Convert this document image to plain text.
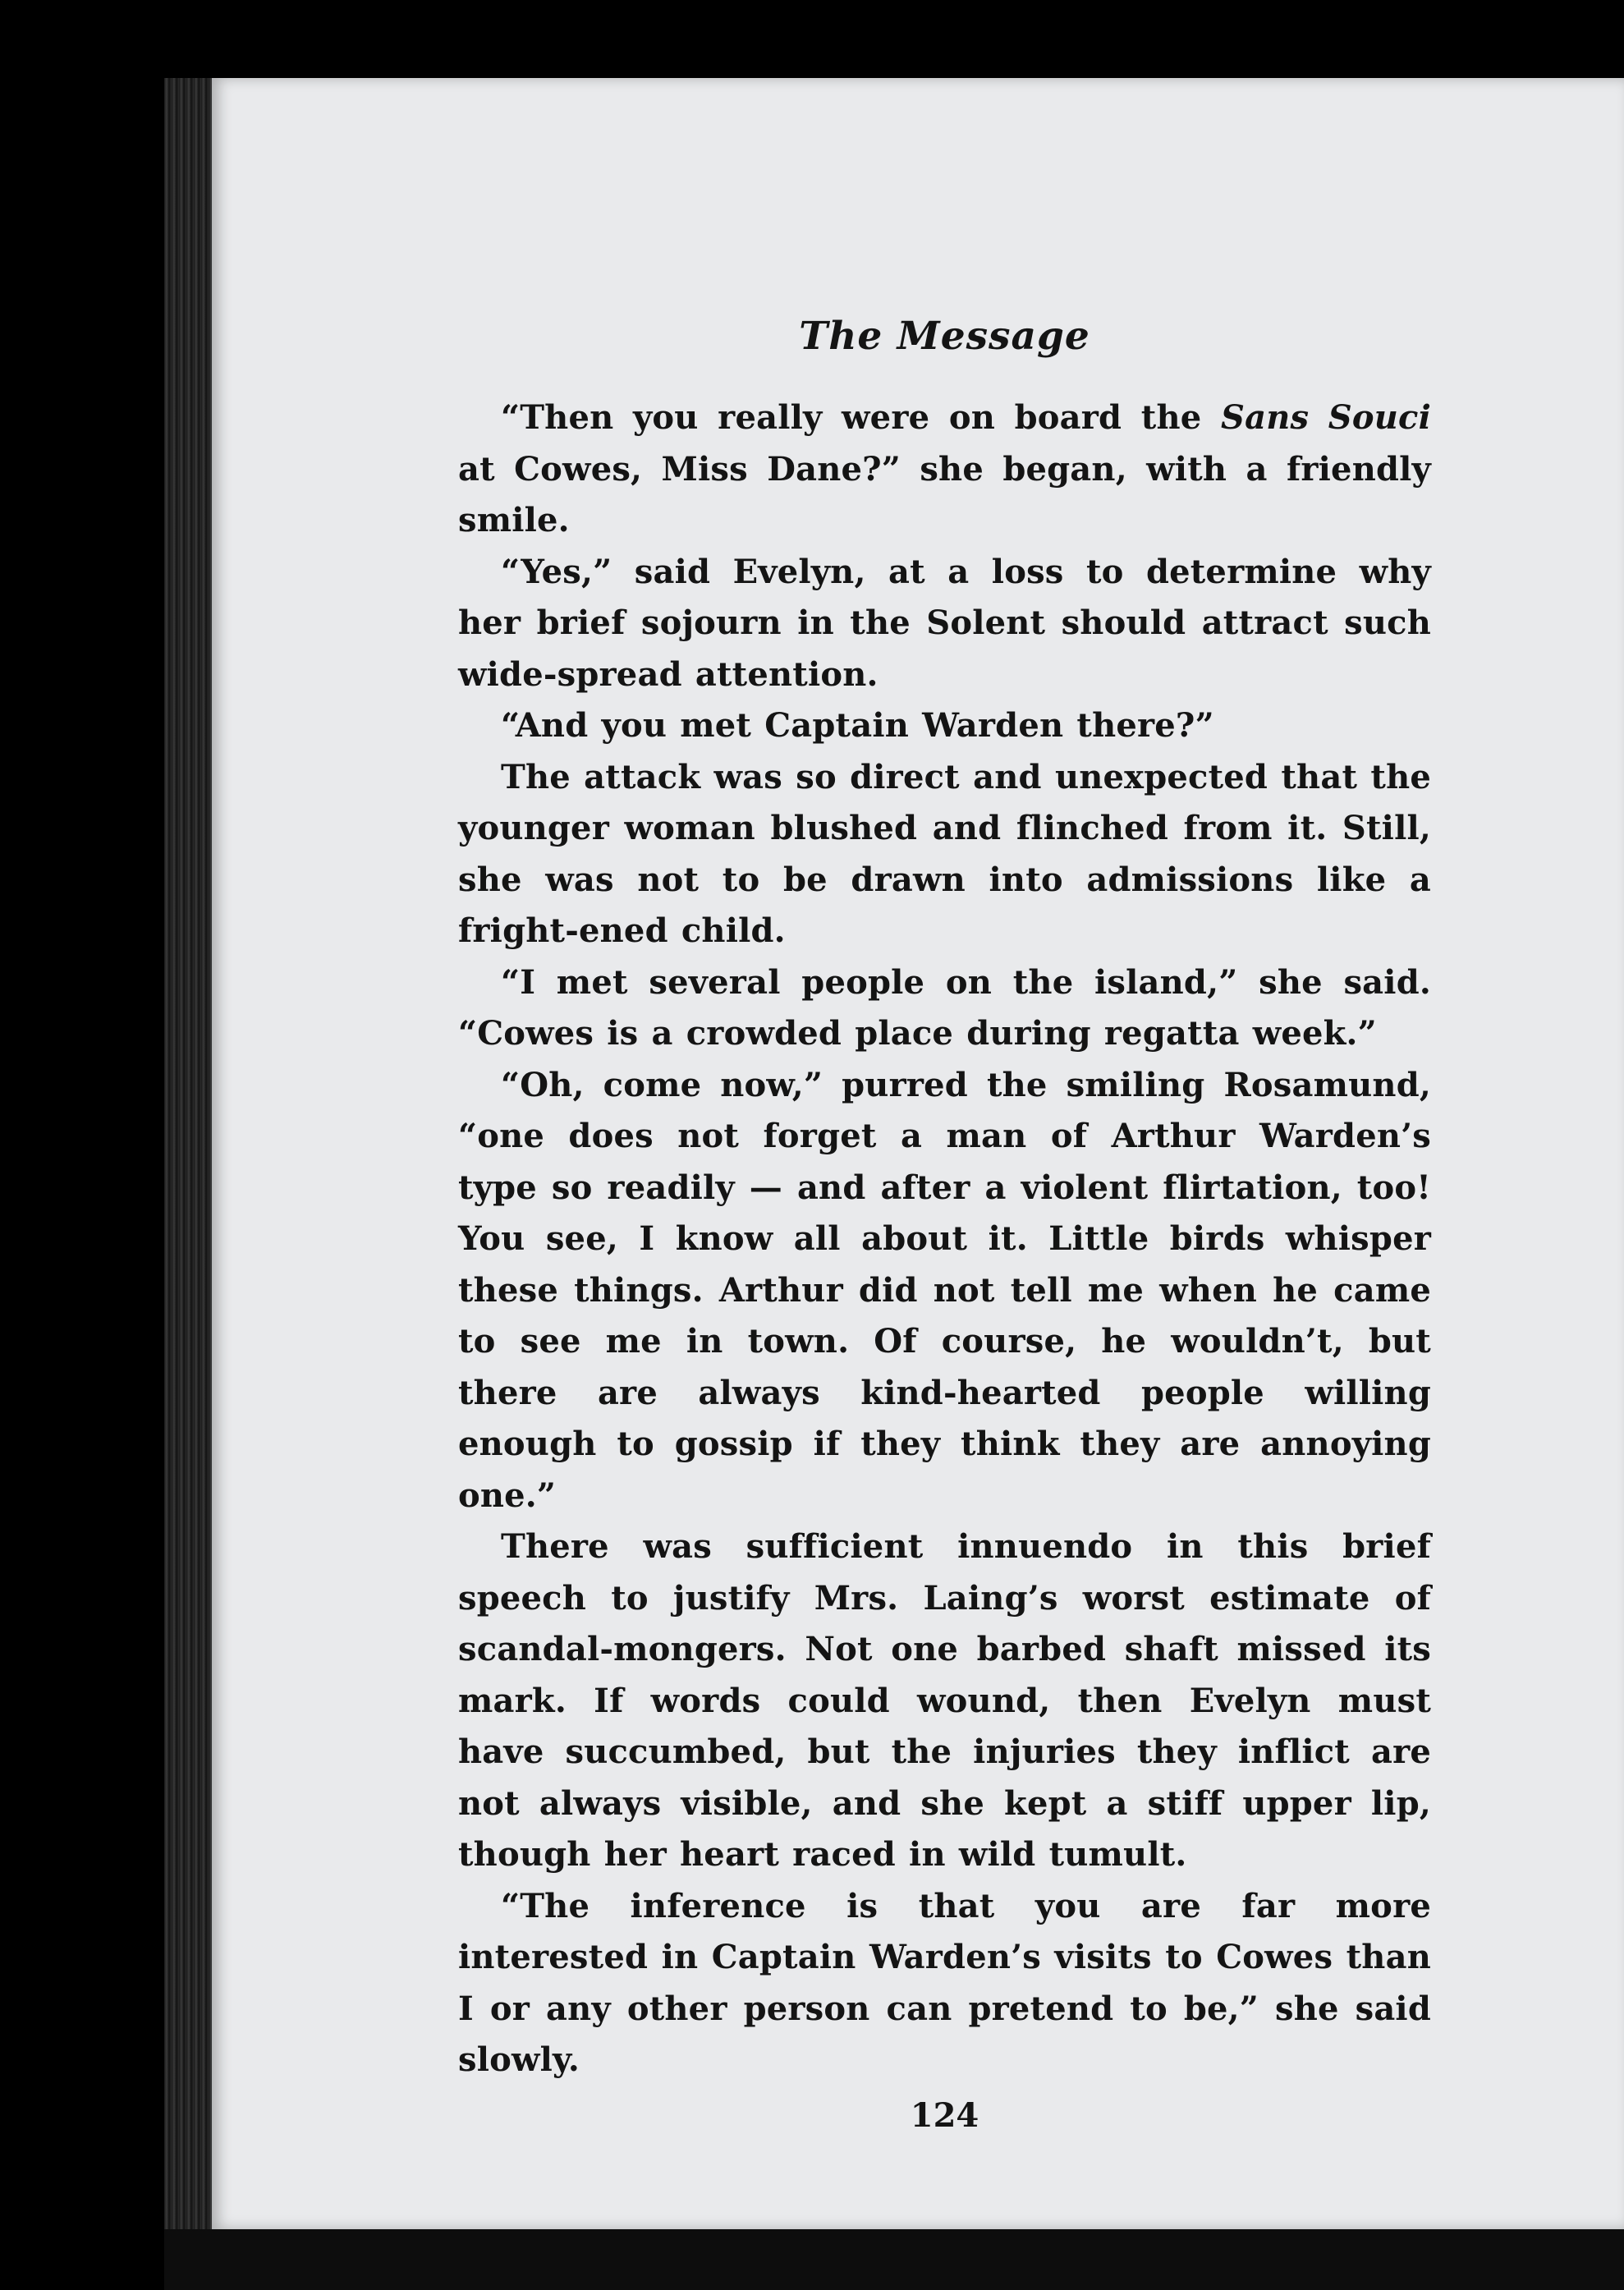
The Message

“Then you really were on board the Sans Souci at Cowes, Miss Dane?” she began, with a friendly smile.

“Yes,” said Evelyn, at a loss to determine why her brief sojourn in the Solent should attract such wide-spread attention.

“And you met Captain Warden there?”

The attack was so direct and unexpected that the younger woman blushed and flinched from it. Still, she was not to be drawn into admissions like a fright-ened child.

“I met several people on the island,” she said. “Cowes is a crowded place during regatta week.”

“Oh, come now,” purred the smiling Rosamund, “one does not forget a man of Arthur Warden’s type so readily — and after a violent flirtation, too! You see, I know all about it. Little birds whisper these things. Arthur did not tell me when he came to see me in town. Of course, he wouldn’t, but there are always kind-hearted people willing enough to gossip if they think they are annoying one.”

There was sufficient innuendo in this brief speech to justify Mrs. Laing’s worst estimate of scandal-mongers. Not one barbed shaft missed its mark. If words could wound, then Evelyn must have succumbed, but the injuries they inflict are not always visible, and she kept a stiff upper lip, though her heart raced in wild tumult.

“The inference is that you are far more interested in Captain Warden’s visits to Cowes than I or any other person can pretend to be,” she said slowly.

124
